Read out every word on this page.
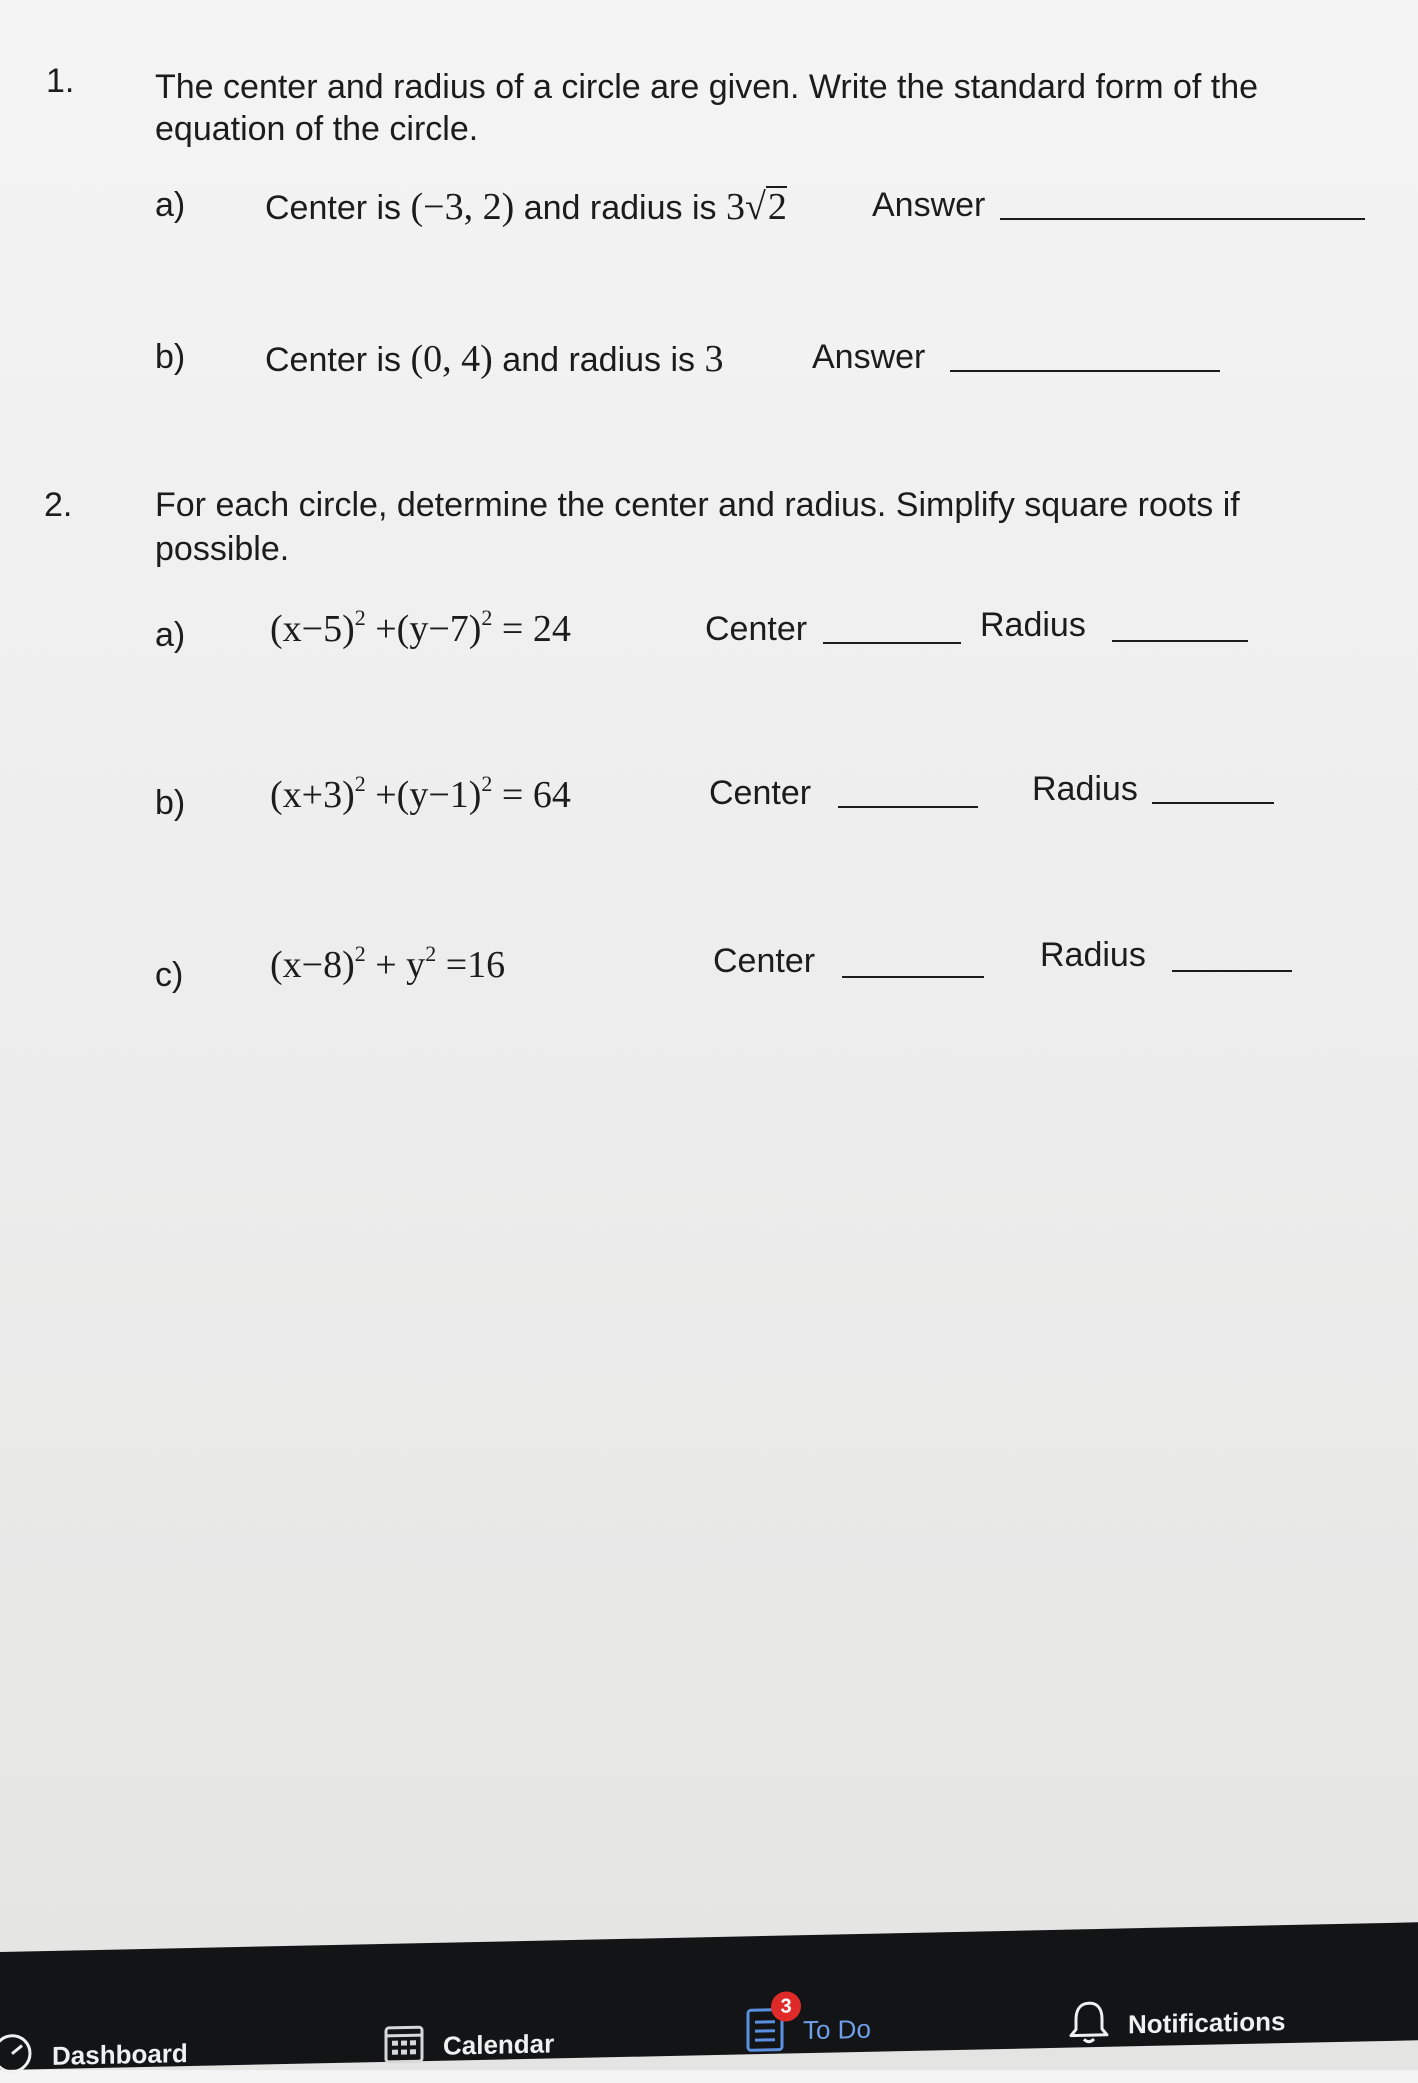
1. The center and radius of a circle are given. Write the standard form of the
equation of the circle.
a) Center is (−3, 2) and radius is 3√2	Answer
b) Center is (0, 4) and radius is 3	Answer
2. For each circle, determine the center and radius. Simplify square roots if
possible.
a) $(x-5)^2 +(y-7)^2 = 24$	Center	Radius
b) $(x+3)^2 +(y-1)^2 = 64$	Center	Radius
c) $(x-8)^2 + y^2 =16$	Center	Radius
Dashboard	Calendar
3
To Do	Notifications
